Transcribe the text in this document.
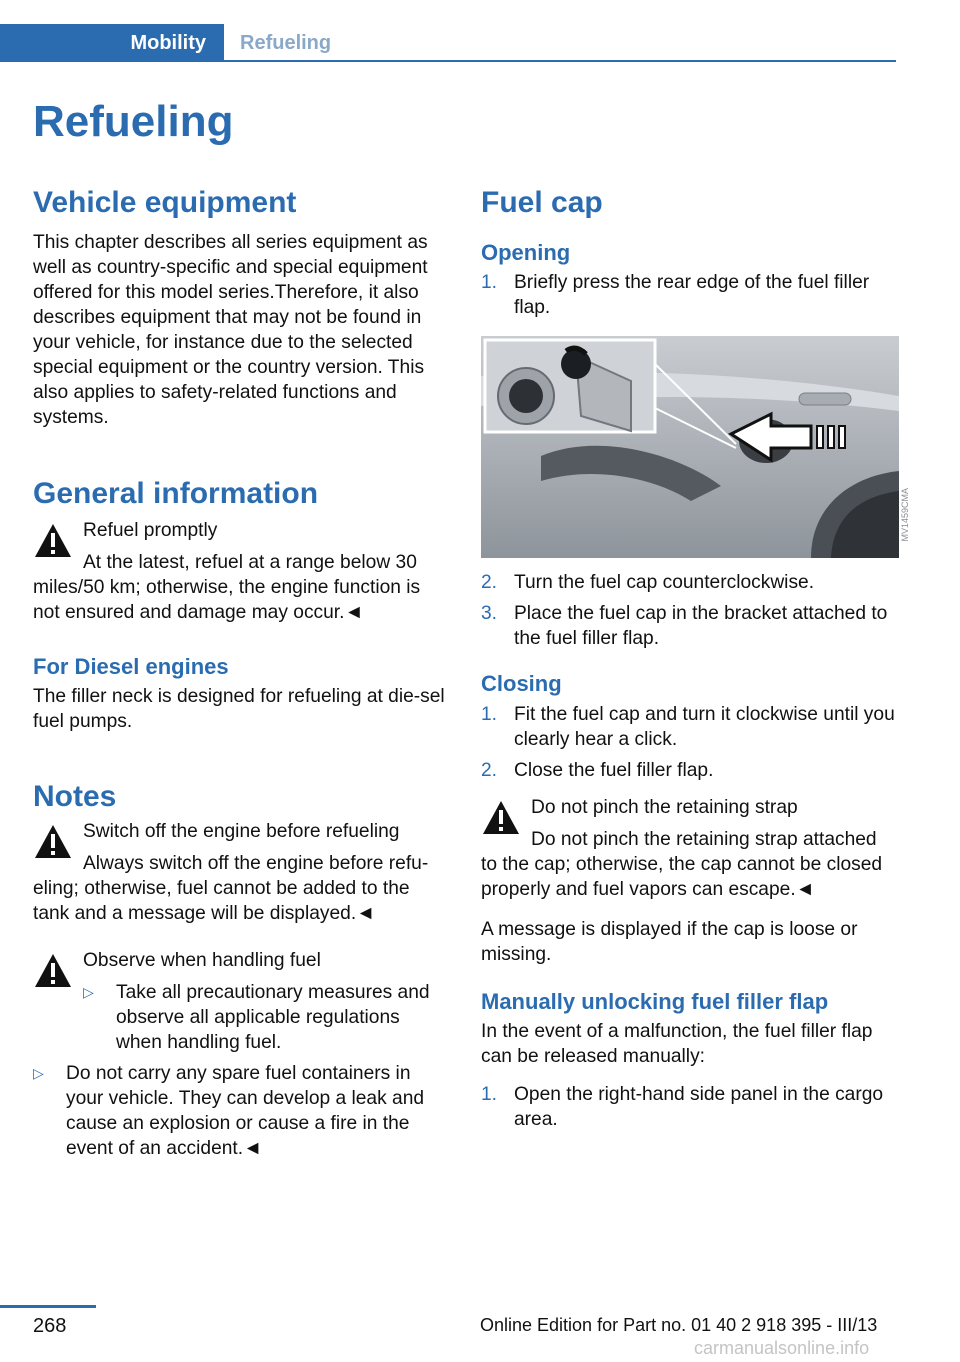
Mobility	Refueling
Refueling
Vehicle equipment

This chapter describes all series equipment as well as country-specific and special equipment offered for this model series.Therefore, it also describes equipment that may not be found in your vehicle, for instance due to the selected special equipment or the country version. This also applies to safety-related functions and systems.

General information
Refuel promptly
At the latest, refuel at a range below 30 miles/50 km; otherwise, the engine function is not ensured and damage may occur.◄
For Diesel engines

The filler neck is designed for refueling at die‐sel fuel pumps.

Notes
Switch off the engine before refueling
Always switch off the engine before refu‐eling; otherwise, fuel cannot be added to the tank and a message will be displayed.◄
Observe when handling fuel
▷ Take all precautionary measures and observe all applicable regulations when handling fuel.
▷ Do not carry any spare fuel containers in your vehicle. They can develop a leak and cause an explosion or cause a fire in the event of an accident.◄
Fuel cap
Opening
1. Briefly press the rear edge of the fuel filler flap.
2. Turn the fuel cap counterclockwise.
3. Place the fuel cap in the bracket attached to the fuel filler flap.
Closing
1. Fit the fuel cap and turn it clockwise until you clearly hear a click.
2. Close the fuel filler flap.
Do not pinch the retaining strap
Do not pinch the retaining strap attached to the cap; otherwise, the cap cannot be closed properly and fuel vapors can escape.◄

A message is displayed if the cap is loose or missing.

Manually unlocking fuel filler flap

In the event of a malfunction, the fuel filler flap can be released manually:

1. Open the right-hand side panel in the cargo area.
MV1459CMA
268	Online Edition for Part no. 01 40 2 918 395 - III/13
carmanualsonline.info
